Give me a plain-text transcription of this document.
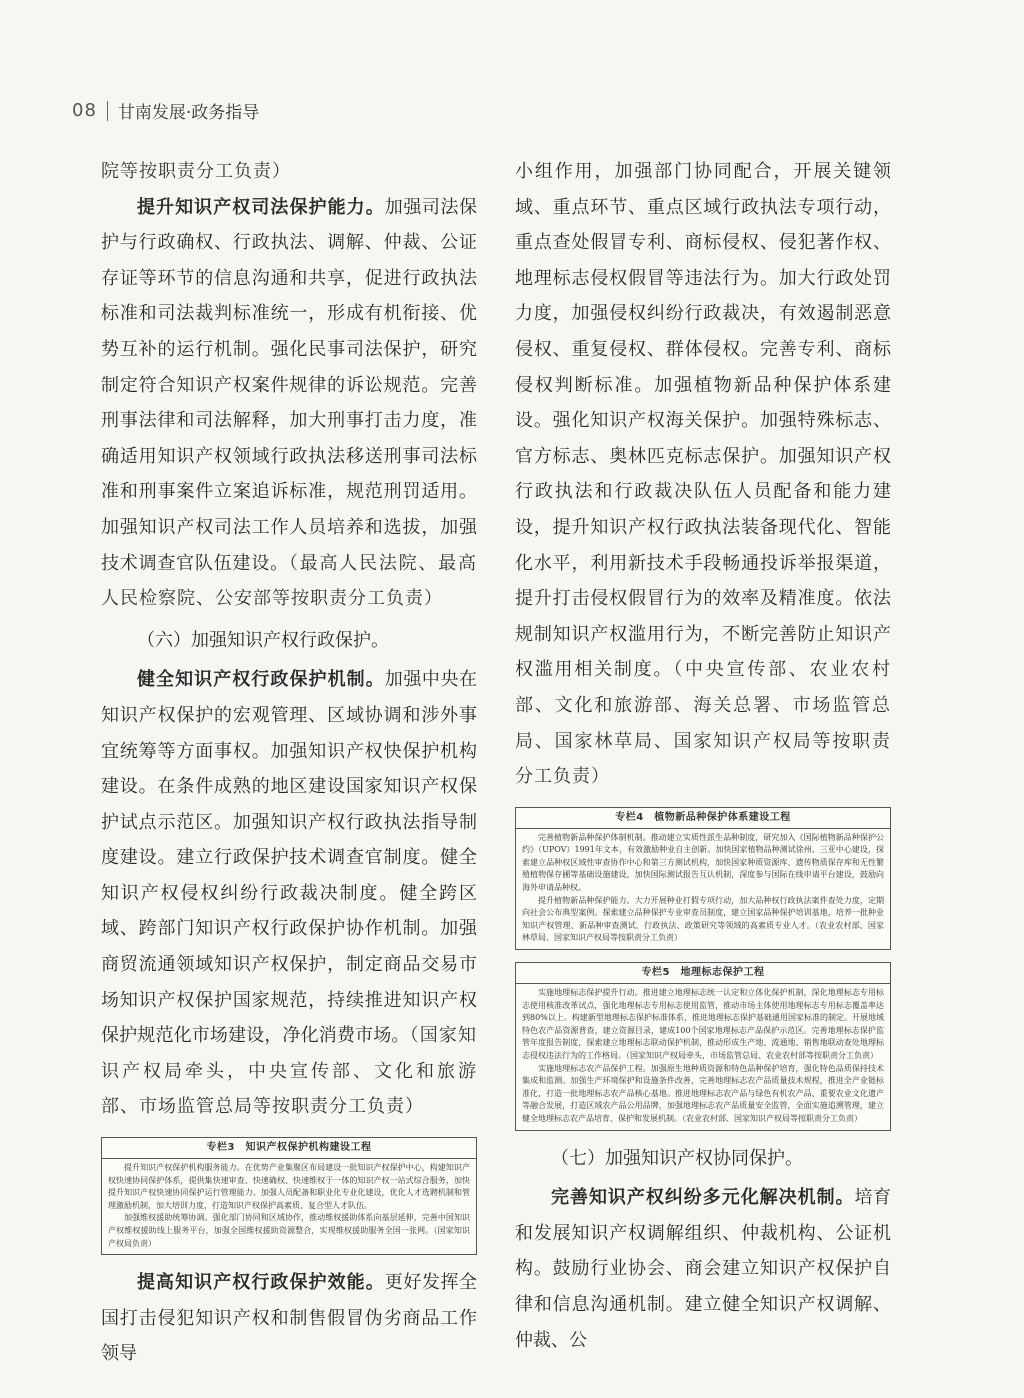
08 甘南发展·政务指导

院等按职责分工负责）

提升知识产权司法保护能力。加强司法保护与行政确权、行政执法、调解、仲裁、公证存证等环节的信息沟通和共享，促进行政执法标准和司法裁判标准统一，形成有机衔接、优势互补的运行机制。强化民事司法保护，研究制定符合知识产权案件规律的诉讼规范。完善刑事法律和司法解释，加大刑事打击力度，准确适用知识产权领域行政执法移送刑事司法标准和刑事案件立案追诉标准，规范刑罚适用。加强知识产权司法工作人员培养和选拔，加强技术调查官队伍建设。（最高人民法院、最高人民检察院、公安部等按职责分工负责）

（六）加强知识产权行政保护。

健全知识产权行政保护机制。加强中央在知识产权保护的宏观管理、区域协调和涉外事宜统筹等方面事权。加强知识产权快保护机构建设。在条件成熟的地区建设国家知识产权保护试点示范区。加强知识产权行政执法指导制度建设。建立行政保护技术调查官制度。健全知识产权侵权纠纷行政裁决制度。健全跨区域、跨部门知识产权行政保护协作机制。加强商贸流通领域知识产权保护，制定商品交易市场知识产权保护国家规范，持续推进知识产权保护规范化市场建设，净化消费市场。（国家知识产权局牵头，中央宣传部、文化和旅游部、市场监管总局等按职责分工负责）

专栏3　知识产权保护机构建设工程

提升知识产权保护机构服务能力。在优势产业集聚区布局建设一批知识产权保护中心，构建知识产权快速协同保护体系，提供集快速审查、快速确权、快速维权于一体的知识产权一站式综合服务，加快提升知识产权快速协同保护运行管理能力。加强人员配备和职业化专业化建设，优化人才选聘机制和管理激励机制，加大培训力度，打造知识产权保护高素质、复合型人才队伍。

加强维权援助统筹协调。强化部门协同和区域协作，推动维权援助体系向基层延伸，完善中国知识产权维权援助线上服务平台，加强全国维权援助资源整合，实现维权援助服务全国一张网。（国家知识产权局负责）

提高知识产权行政保护效能。更好发挥全国打击侵犯知识产权和制售假冒伪劣商品工作领导

小组作用，加强部门协同配合，开展关键领域、重点环节、重点区域行政执法专项行动，重点查处假冒专利、商标侵权、侵犯著作权、地理标志侵权假冒等违法行为。加大行政处罚力度，加强侵权纠纷行政裁决，有效遏制恶意侵权、重复侵权、群体侵权。完善专利、商标侵权判断标准。加强植物新品种保护体系建设。强化知识产权海关保护。加强特殊标志、官方标志、奥林匹克标志保护。加强知识产权行政执法和行政裁决队伍人员配备和能力建设，提升知识产权行政执法装备现代化、智能化水平，利用新技术手段畅通投诉举报渠道，提升打击侵权假冒行为的效率及精准度。依法规制知识产权滥用行为，不断完善防止知识产权滥用相关制度。（中央宣传部、农业农村部、文化和旅游部、海关总署、市场监管总局、国家林草局、国家知识产权局等按职责分工负责）

专栏4　植物新品种保护体系建设工程

完善植物新品种保护体制机制。推动建立实质性派生品种制度，研究加入《国际植物新品种保护公约》（UPOV）1991年文本，有效激励种业自主创新。加快国家植物品种测试徐州、三亚中心建设，探索建立品种权区域性审查协作中心和第三方测试机构，加快国家种质资源库、遗传物质保存库和无性繁殖植物保存圃等基础设施建设，加快国际测试报告互认机制，深度参与国际在线申请平台建设，鼓励向海外申请品种权。

提升植物新品种保护能力。大力开展种业打假专项行动，加大品种权行政执法案件查处力度，定期向社会公布典型案例。探索建立品种保护专业审查员制度，建立国家品种保护培训基地，培养一批种业知识产权管理、新品种审查测试、行政执法、政策研究等领域的高素质专业人才。（农业农村部、国家林草局、国家知识产权局等按职责分工负责）

专栏5　地理标志保护工程

实施地理标志保护提升行动。推进建立地理标志统一认定和立体化保护机制，深化地理标志专用标志使用核准改革试点，强化地理标志专用标志使用监管，推动市场主体使用地理标志专用标志覆盖率达到80%以上。构建新型地理标志保护标准体系，推进地理标志保护基础通用国家标准的制定。开展地域特色农产品资源普查，建立资源目录，建成100个国家地理标志产品保护示范区。完善地理标志保护监管年度报告制度，探索建立地理标志联动保护机制，推动形成生产地、流通地、销售地联动查处地理标志侵权违法行为的工作格局。（国家知识产权局牵头，市场监管总局、农业农村部等按职责分工负责）

实施地理标志农产品保护工程。加强原生地种质资源和特色品种保护培育，强化特色品质保持技术集成和监测。加强生产环境保护和设施条件改善，完善地理标志农产品质量技术规程，推进全产业链标准化，打造一批地理标志农产品核心基地。推进地理标志农产品与绿色有机农产品、重要农业文化遗产等融合发展，打造区域农产品公用品牌，加强地理标志农产品质量安全监管，全面实施追溯管理，建立健全地理标志农产品培育、保护和发展机制。（农业农村部、国家知识产权局等按职责分工负责）

（七）加强知识产权协同保护。

完善知识产权纠纷多元化解决机制。培育和发展知识产权调解组织、仲裁机构、公证机构。鼓励行业协会、商会建立知识产权保护自律和信息沟通机制。建立健全知识产权调解、仲裁、公
